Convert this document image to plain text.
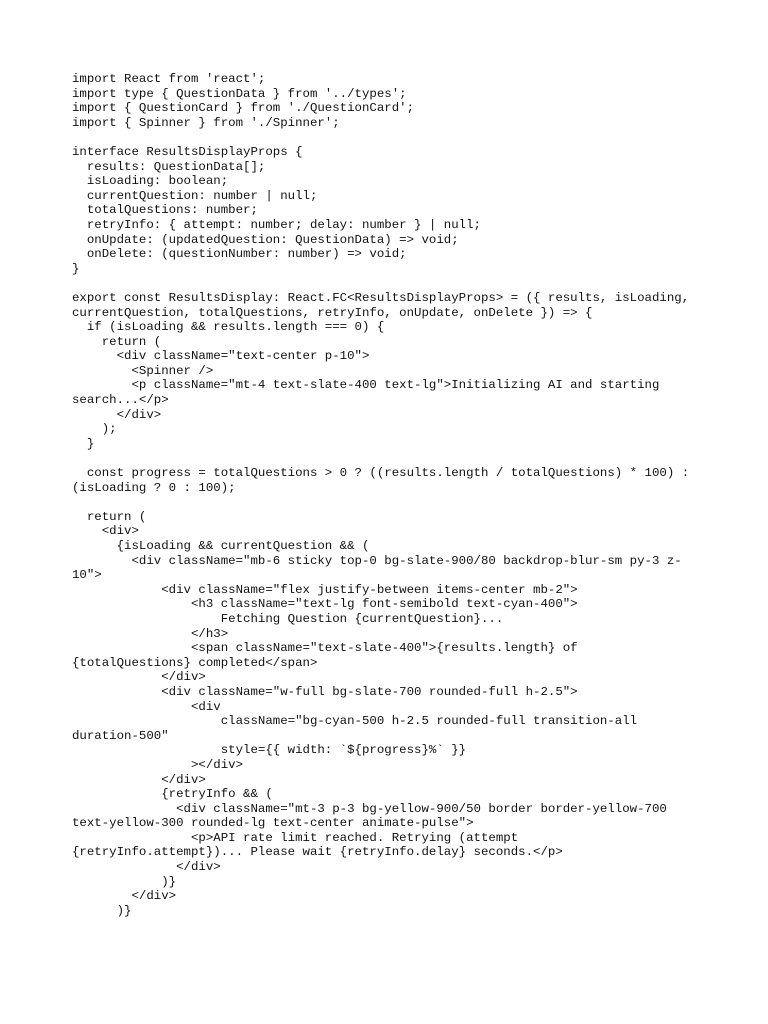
import React from 'react';
import type { QuestionData } from '../types';
import { QuestionCard } from './QuestionCard';
import { Spinner } from './Spinner';
interface ResultsDisplayProps {
results: QuestionData[];
isLoading: boolean;
currentQuestion: number | null;
totalQuestions: number;
retryInfo: { attempt: number; delay: number } | null;
onUpdate: (updatedQuestion: QuestionData) => void;
onDelete: (questionNumber: number) => void;
}
export const ResultsDisplay: React.FC<ResultsDisplayProps> = ({ results, isLoading,
currentQuestion, totalQuestions, retryInfo, onUpdate, onDelete }) => {
if (isLoading && results.length === 0) {
return (
<div className="text-center p-10">
<Spinner />
<p className="mt-4 text-slate-400 text-lg">Initializing AI and starting
search...</p>
</div>
);
}
const progress = totalQuestions > 0 ? ((results.length / totalQuestions) * 100) :
(isLoading ? 0 : 100);
return (
<div>
{isLoading && currentQuestion && (
<div className="mb-6 sticky top-0 bg-slate-900/80 backdrop-blur-sm py-3 z-
10">
<div className="flex justify-between items-center mb-2">
<h3 className="text-lg font-semibold text-cyan-400">
Fetching Question {currentQuestion}...
</h3>
<span className="text-slate-400">{results.length} of
{totalQuestions} completed</span>
</div>
<div className="w-full bg-slate-700 rounded-full h-2.5">
<div
className="bg-cyan-500 h-2.5 rounded-full transition-all
duration-500"
style={{ width: `${progress}%` }}
></div>
</div>
{retryInfo && (
<div className="mt-3 p-3 bg-yellow-900/50 border border-yellow-700
text-yellow-300 rounded-lg text-center animate-pulse">
<p>API rate limit reached. Retrying (attempt
{retryInfo.attempt})... Please wait {retryInfo.delay} seconds.</p>
</div>
)}
</div>
)}
